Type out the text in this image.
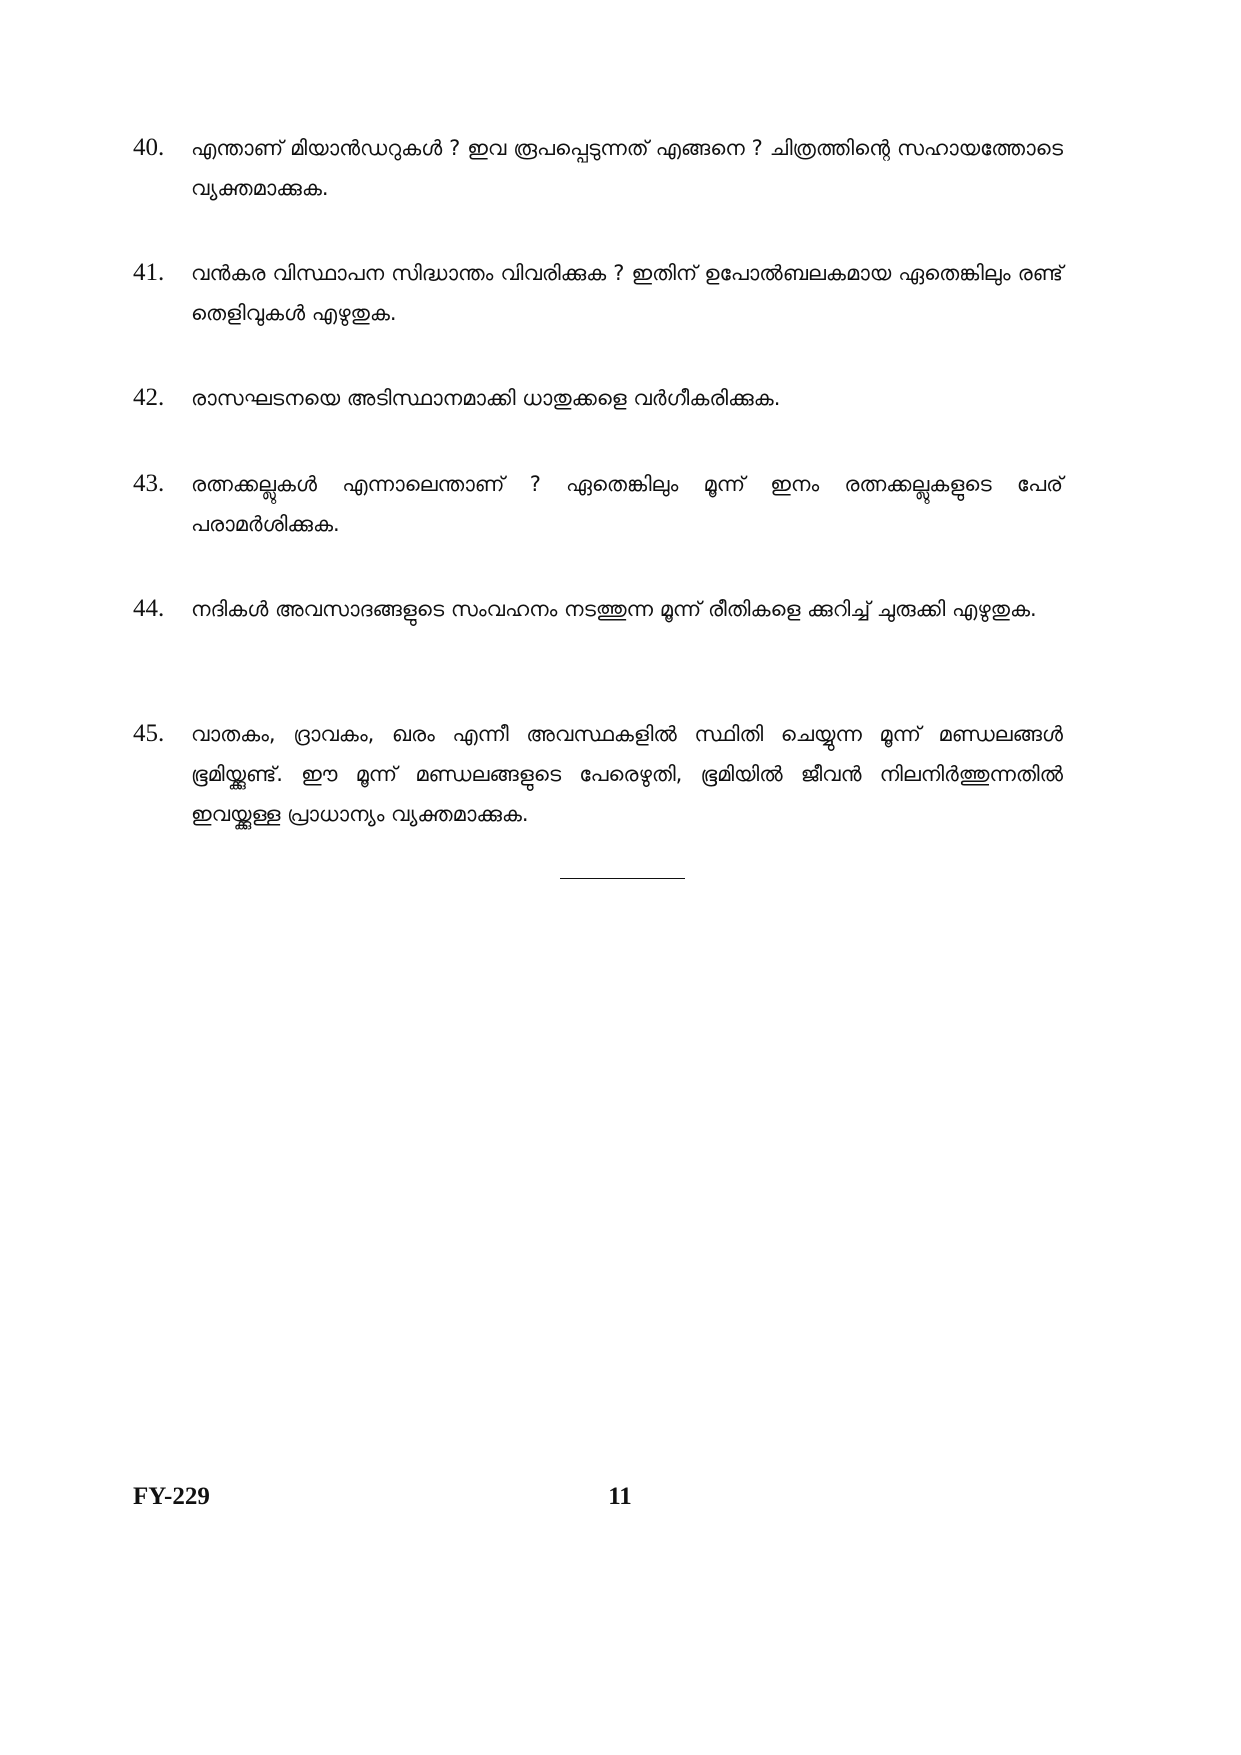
40.	എന്താണ് മിയാൻഡറുകൾ ? ഇവ രൂപപ്പെടുന്നത് എങ്ങനെ ? ചിത്രത്തിന്റെ സഹായത്തോടെ വ്യക്തമാക്കുക.
41.	വൻകര വിസ്ഥാപന സിദ്ധാന്തം വിവരിക്കുക ? ഇതിന് ഉപോൽബലകമായ ഏതെങ്കിലും രണ്ട് തെളിവുകൾ എഴുതുക.
42.	രാസഘടനയെ അടിസ്ഥാനമാക്കി ധാതുക്കളെ വർഗീകരിക്കുക.
43.	രത്നക്കല്ലുകൾ എന്നാലെന്താണ് ? ഏതെങ്കിലും മൂന്ന് ഇനം രത്നക്കല്ലുകളുടെ പേര് പരാമർശിക്കുക.
44.	നദികൾ അവസാദങ്ങളുടെ സംവഹനം നടത്തുന്ന മൂന്ന് രീതികളെ ക്കുറിച്ച് ചുരുക്കി എഴുതുക.
45.	വാതകം, ദ്രാവകം, ഖരം എന്നീ അവസ്ഥകളിൽ സ്ഥിതി ചെയ്യുന്ന മൂന്ന് മണ്ഡലങ്ങൾ ഭൂമിയ്ക്കുണ്ട്. ഈ മൂന്ന് മണ്ഡലങ്ങളുടെ പേരെഴുതി, ഭൂമിയിൽ ജീവൻ നിലനിർത്തുന്നതിൽ ഇവയ്ക്കുള്ള പ്രാധാന്യം വ്യക്തമാക്കുക.
FY-229	11
